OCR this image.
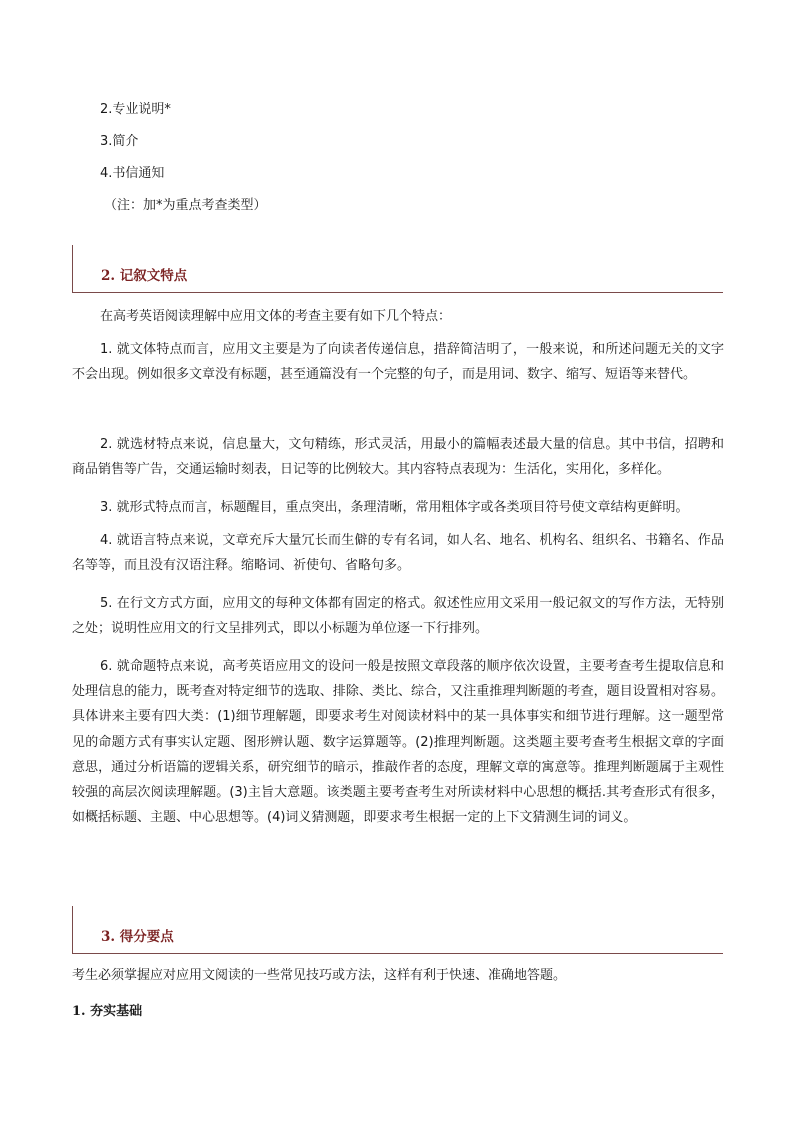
2.专业说明*
3.简介
4.书信通知
（注：加*为重点考查类型）
2. 记叙文特点

在高考英语阅读理解中应用文体的考查主要有如下几个特点：

1. 就文体特点而言，应用文主要是为了向读者传递信息，措辞简洁明了，一般来说，和所述问题无关的文字不会出现。例如很多文章没有标题，甚至通篇没有一个完整的句子，而是用词、数字、缩写、短语等来替代。

2. 就选材特点来说，信息量大，文句精练，形式灵活，用最小的篇幅表述最大量的信息。其中书信，招聘和商品销售等广告，交通运输时刻表，日记等的比例较大。其内容特点表现为：生活化，实用化，多样化。

3. 就形式特点而言，标题醒目，重点突出，条理清晰，常用粗体字或各类项目符号使文章结构更鲜明。

4. 就语言特点来说，文章充斥大量冗长而生僻的专有名词，如人名、地名、机构名、组织名、书籍名、作品名等等，而且没有汉语注释。缩略词、祈使句、省略句多。

5. 在行文方式方面，应用文的每种文体都有固定的格式。叙述性应用文采用一般记叙文的写作方法，无特别之处；说明性应用文的行文呈排列式，即以小标题为单位逐一下行排列。

6. 就命题特点来说，高考英语应用文的设问一般是按照文章段落的顺序依次设置，主要考查考生提取信息和处理信息的能力，既考查对特定细节的选取、排除、类比、综合，又注重推理判断题的考查，题目设置相对容易。具体讲来主要有四大类：(1)细节理解题，即要求考生对阅读材料中的某一具体事实和细节进行理解。这一题型常见的命题方式有事实认定题、图形辨认题、数字运算题等。(2)推理判断题。这类题主要考查考生根据文章的字面意思，通过分析语篇的逻辑关系，研究细节的暗示，推敲作者的态度，理解文章的寓意等。推理判断题属于主观性较强的高层次阅读理解题。(3)主旨大意题。该类题主要考查考生对所读材料中心思想的概括.其考查形式有很多，如概括标题、主题、中心思想等。(4)词义猜测题，即要求考生根据一定的上下文猜测生词的词义。

3. 得分要点

考生必须掌握应对应用文阅读的一些常见技巧或方法，这样有利于快速、准确地答题。

1. 夯实基础
